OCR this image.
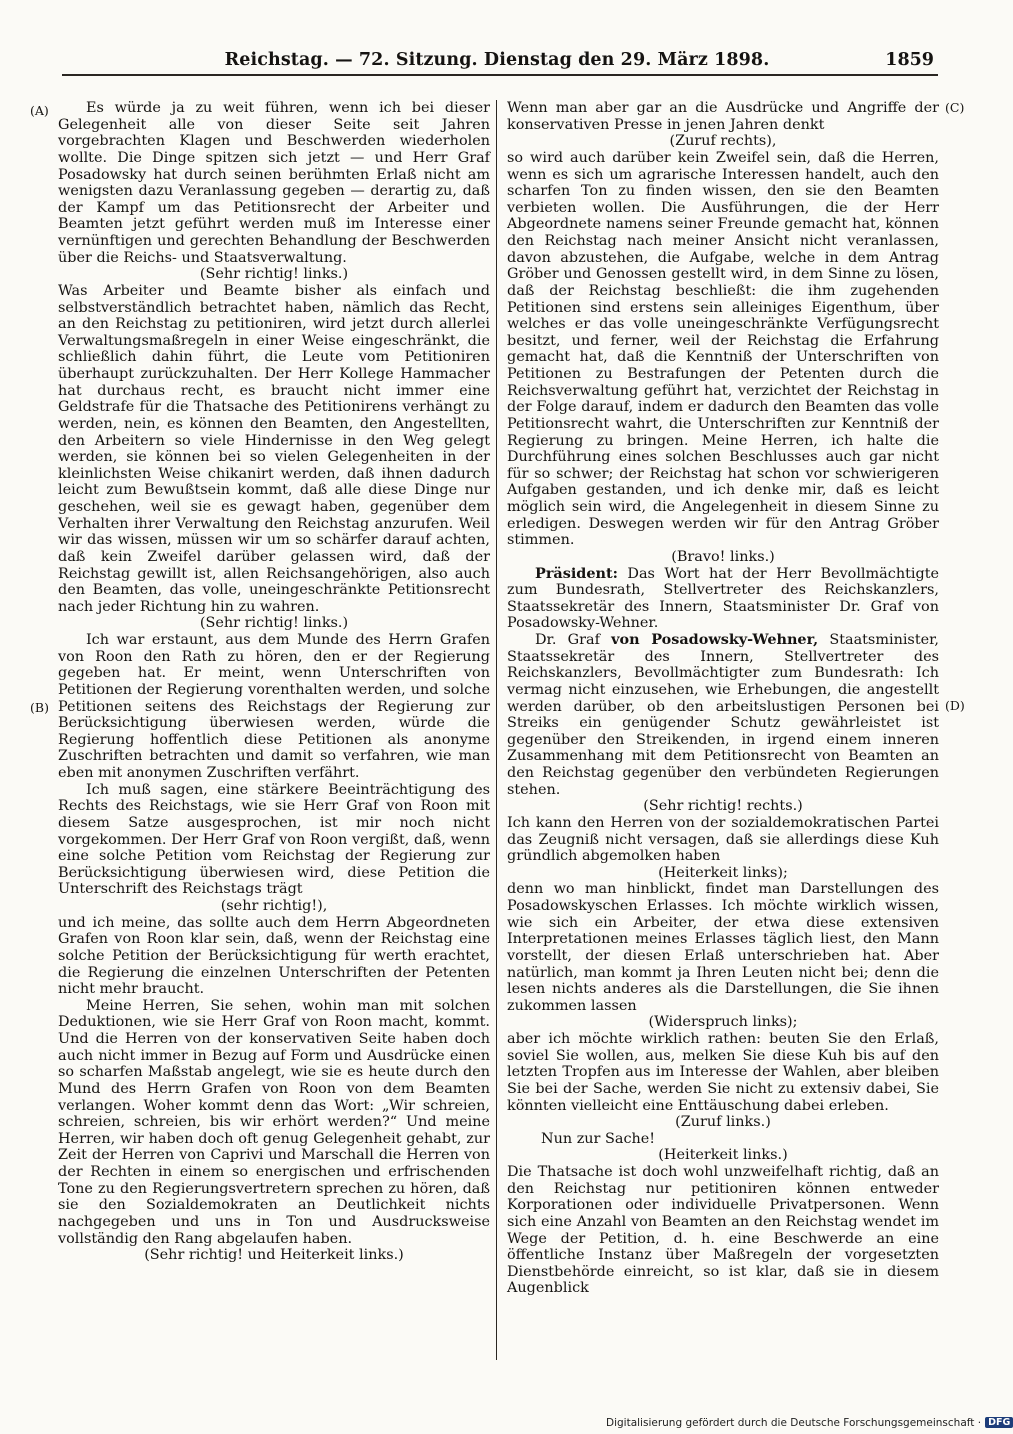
Reichstag. — 72. Sitzung. Dienstag den 29. März 1898.	1859
(A)
(B)
(C)
(D)

Es würde ja zu weit führen, wenn ich bei dieser Gelegenheit alle von dieser Seite seit Jahren vorgebrachten Klagen und Beschwerden wiederholen wollte. Die Dinge spitzen sich jetzt — und Herr Graf Posadowsky hat durch seinen berühmten Erlaß nicht am wenigsten dazu Veranlassung gegeben — derartig zu, daß der Kampf um das Petitionsrecht der Arbeiter und Beamten jetzt geführt werden muß im Interesse einer vernünftigen und gerechten Behandlung der Beschwerden über die Reichs- und Staatsverwaltung.

(Sehr richtig! links.)

Was Arbeiter und Beamte bisher als einfach und selbstverständlich betrachtet haben, nämlich das Recht, an den Reichstag zu petitioniren, wird jetzt durch allerlei Verwaltungsmaßregeln in einer Weise eingeschränkt, die schließlich dahin führt, die Leute vom Petitioniren überhaupt zurückzuhalten. Der Herr Kollege Hammacher hat durchaus recht, es braucht nicht immer eine Geldstrafe für die Thatsache des Petitionirens verhängt zu werden, nein, es können den Beamten, den Angestellten, den Arbeitern so viele Hindernisse in den Weg gelegt werden, sie können bei so vielen Gelegenheiten in der kleinlichsten Weise chikanirt werden, daß ihnen dadurch leicht zum Bewußtsein kommt, daß alle diese Dinge nur geschehen, weil sie es gewagt haben, gegenüber dem Verhalten ihrer Verwaltung den Reichstag anzurufen. Weil wir das wissen, müssen wir um so schärfer darauf achten, daß kein Zweifel darüber gelassen wird, daß der Reichstag gewillt ist, allen Reichsangehörigen, also auch den Beamten, das volle, uneingeschränkte Petitionsrecht nach jeder Richtung hin zu wahren.

(Sehr richtig! links.)

Ich war erstaunt, aus dem Munde des Herrn Grafen von Roon den Rath zu hören, den er der Regierung gegeben hat. Er meint, wenn Unterschriften von Petitionen der Regierung vorenthalten werden, und solche Petitionen seitens des Reichstags der Regierung zur Berücksichtigung überwiesen werden, würde die Regierung hoffentlich diese Petitionen als anonyme Zuschriften betrachten und damit so verfahren, wie man eben mit anonymen Zuschriften verfährt.

Ich muß sagen, eine stärkere Beeinträchtigung des Rechts des Reichstags, wie sie Herr Graf von Roon mit diesem Satze ausgesprochen, ist mir noch nicht vorgekommen. Der Herr Graf von Roon vergißt, daß, wenn eine solche Petition vom Reichstag der Regierung zur Berücksichtigung überwiesen wird, diese Petition die Unterschrift des Reichstags trägt

(sehr richtig!),

und ich meine, das sollte auch dem Herrn Abgeordneten Grafen von Roon klar sein, daß, wenn der Reichstag eine solche Petition der Berücksichtigung für werth erachtet, die Regierung die einzelnen Unterschriften der Petenten nicht mehr braucht.

Meine Herren, Sie sehen, wohin man mit solchen Deduktionen, wie sie Herr Graf von Roon macht, kommt. Und die Herren von der konservativen Seite haben doch auch nicht immer in Bezug auf Form und Ausdrücke einen so scharfen Maßstab angelegt, wie sie es heute durch den Mund des Herrn Grafen von Roon von dem Beamten verlangen. Woher kommt denn das Wort: „Wir schreien, schreien, schreien, bis wir erhört werden?“ Und meine Herren, wir haben doch oft genug Gelegenheit gehabt, zur Zeit der Herren von Caprivi und Marschall die Herren von der Rechten in einem so energischen und erfrischenden Tone zu den Regierungsvertretern sprechen zu hören, daß sie den Sozialdemokraten an Deutlichkeit nichts nachgegeben und uns in Ton und Ausdrucksweise vollständig den Rang abgelaufen haben.

(Sehr richtig! und Heiterkeit links.)

Wenn man aber gar an die Ausdrücke und Angriffe der konservativen Presse in jenen Jahren denkt

(Zuruf rechts),

so wird auch darüber kein Zweifel sein, daß die Herren, wenn es sich um agrarische Interessen handelt, auch den scharfen Ton zu finden wissen, den sie den Beamten verbieten wollen. Die Ausführungen, die der Herr Abgeordnete namens seiner Freunde gemacht hat, können den Reichstag nach meiner Ansicht nicht veranlassen, davon abzustehen, die Aufgabe, welche in dem Antrag Gröber und Genossen gestellt wird, in dem Sinne zu lösen, daß der Reichstag beschließt: die ihm zugehenden Petitionen sind erstens sein alleiniges Eigenthum, über welches er das volle uneingeschränkte Verfügungsrecht besitzt, und ferner, weil der Reichstag die Erfahrung gemacht hat, daß die Kenntniß der Unterschriften von Petitionen zu Bestrafungen der Petenten durch die Reichsverwaltung geführt hat, verzichtet der Reichstag in der Folge darauf, indem er dadurch den Beamten das volle Petitionsrecht wahrt, die Unterschriften zur Kenntniß der Regierung zu bringen. Meine Herren, ich halte die Durchführung eines solchen Beschlusses auch gar nicht für so schwer; der Reichstag hat schon vor schwierigeren Aufgaben gestanden, und ich denke mir, daß es leicht möglich sein wird, die Angelegenheit in diesem Sinne zu erledigen. Deswegen werden wir für den Antrag Gröber stimmen.

(Bravo! links.)

Präsident: Das Wort hat der Herr Bevollmächtigte zum Bundesrath, Stellvertreter des Reichskanzlers, Staatssekretär des Innern, Staatsminister Dr. Graf von Posadowsky-Wehner.

Dr. Graf von Posadowsky-Wehner, Staatsminister, Staatssekretär des Innern, Stellvertreter des Reichskanzlers, Bevollmächtigter zum Bundesrath: Ich vermag nicht einzusehen, wie Erhebungen, die angestellt werden darüber, ob den arbeitslustigen Personen bei Streiks ein genügender Schutz gewährleistet ist gegenüber den Streikenden, in irgend einem inneren Zusammenhang mit dem Petitionsrecht von Beamten an den Reichstag gegenüber den verbündeten Regierungen stehen.

(Sehr richtig! rechts.)

Ich kann den Herren von der sozialdemokratischen Partei das Zeugniß nicht versagen, daß sie allerdings diese Kuh gründlich abgemolken haben

(Heiterkeit links);

denn wo man hinblickt, findet man Darstellungen des Posadowskyschen Erlasses. Ich möchte wirklich wissen, wie sich ein Arbeiter, der etwa diese extensiven Interpretationen meines Erlasses täglich liest, den Mann vorstellt, der diesen Erlaß unterschrieben hat. Aber natürlich, man kommt ja Ihren Leuten nicht bei; denn die lesen nichts anderes als die Darstellungen, die Sie ihnen zukommen lassen

(Widerspruch links);

aber ich möchte wirklich rathen: beuten Sie den Erlaß, soviel Sie wollen, aus, melken Sie diese Kuh bis auf den letzten Tropfen aus im Interesse der Wahlen, aber bleiben Sie bei der Sache, werden Sie nicht zu extensiv dabei, Sie könnten vielleicht eine Enttäuschung dabei erleben.

(Zuruf links.)

Nun zur Sache!

(Heiterkeit links.)

Die Thatsache ist doch wohl unzweifelhaft richtig, daß an den Reichstag nur petitioniren können entweder Korporationen oder individuelle Privatpersonen. Wenn sich eine Anzahl von Beamten an den Reichstag wendet im Wege der Petition, d. h. eine Beschwerde an eine öffentliche Instanz über Maßregeln der vorgesetzten Dienstbehörde einreicht, so ist klar, daß sie in diesem Augenblick

Digitalisierung gefördert durch die Deutsche Forschungsgemeinschaft · DFG
